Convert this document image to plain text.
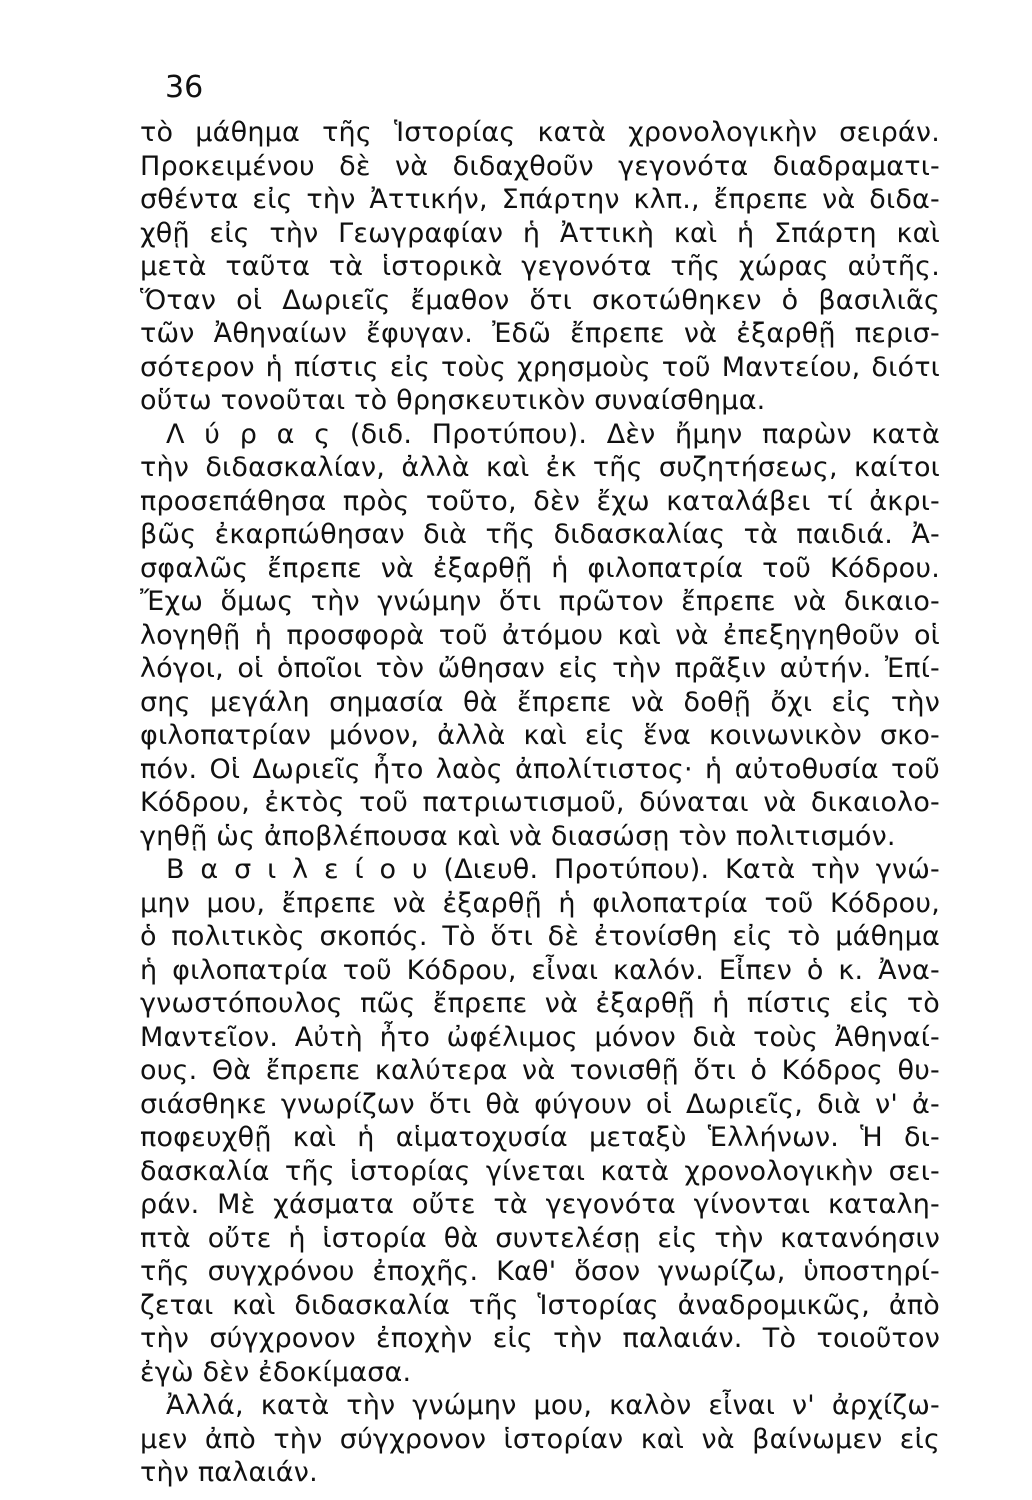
36
τὸ μάθημα τῆς Ἱστορίας κατὰ χρονολογικὴν σειράν.
Προκειμένου δὲ νὰ διδαχθοῦν γεγονότα διαδραματι-
σθέντα εἰς τὴν Ἀττικήν, Σπάρτην κλπ., ἔπρεπε νὰ διδα-
χθῇ εἰς τὴν Γεωγραφίαν ἡ Ἀττικὴ καὶ ἡ Σπάρτη καὶ
μετὰ ταῦτα τὰ ἱστορικὰ γεγονότα τῆς χώρας αὐτῆς.
Ὅταν οἱ Δωριεῖς ἔμαθον ὅτι σκοτώθηκεν ὁ βασιλιᾶς
τῶν Ἀθηναίων ἔφυγαν. Ἐδῶ ἔπρεπε νὰ ἐξαρθῇ περισ-
σότερον ἡ πίστις εἰς τοὺς χρησμοὺς τοῦ Μαντείου, διότι
οὕτω τονοῦται τὸ θρησκευτικὸν συναίσθημα.
Λ ύ ρ α ς (διδ. Προτύπου). Δὲν ἤμην παρὼν κατὰ
τὴν διδασκαλίαν, ἀλλὰ καὶ ἐκ τῆς συζητήσεως, καίτοι
προσεπάθησα πρὸς τοῦτο, δὲν ἔχω καταλάβει τί ἀκρι-
βῶς ἐκαρπώθησαν διὰ τῆς διδασκαλίας τὰ παιδιά. Ἀ-
σφαλῶς ἔπρεπε νὰ ἐξαρθῇ ἡ φιλοπατρία τοῦ Κόδρου.
Ἔχω ὅμως τὴν γνώμην ὅτι πρῶτον ἔπρεπε νὰ δικαιο-
λογηθῇ ἡ προσφορὰ τοῦ ἀτόμου καὶ νὰ ἐπεξηγηθοῦν οἱ
λόγοι, οἱ ὁποῖοι τὸν ὤθησαν εἰς τὴν πρᾶξιν αὐτήν. Ἐπί-
σης μεγάλη σημασία θὰ ἔπρεπε νὰ δοθῇ ὄχι εἰς τὴν
φιλοπατρίαν μόνον, ἀλλὰ καὶ εἰς ἕνα κοινωνικὸν σκο-
πόν. Οἱ Δωριεῖς ἦτο λαὸς ἀπολίτιστος· ἡ αὐτοθυσία τοῦ
Κόδρου, ἐκτὸς τοῦ πατριωτισμοῦ, δύναται νὰ δικαιολο-
γηθῇ ὡς ἀποβλέπουσα καὶ νὰ διασώσῃ τὸν πολιτισμόν.
Β α σ ι λ ε ί ο υ (Διευθ. Προτύπου). Κατὰ τὴν γνώ-
μην μου, ἔπρεπε νὰ ἐξαρθῇ ἡ φιλοπατρία τοῦ Κόδρου,
ὁ πολιτικὸς σκοπός. Τὸ ὅτι δὲ ἐτονίσθη εἰς τὸ μάθημα
ἡ φιλοπατρία τοῦ Κόδρου, εἶναι καλόν. Εἶπεν ὁ κ. Ἀνα-
γνωστόπουλος πῶς ἔπρεπε νὰ ἐξαρθῇ ἡ πίστις εἰς τὸ
Μαντεῖον. Αὐτὴ ἦτο ὠφέλιμος μόνον διὰ τοὺς Ἀθηναί-
ους. Θὰ ἔπρεπε καλύτερα νὰ τονισθῇ ὅτι ὁ Κόδρος θυ-
σιάσθηκε γνωρίζων ὅτι θὰ φύγουν οἱ Δωριεῖς, διὰ ν' ἀ-
ποφευχθῇ καὶ ἡ αἱματοχυσία μεταξὺ Ἑλλήνων. Ἡ δι-
δασκαλία τῆς ἱστορίας γίνεται κατὰ χρονολογικὴν σει-
ράν. Μὲ χάσματα οὔτε τὰ γεγονότα γίνονται καταλη-
πτὰ οὔτε ἡ ἱστορία θὰ συντελέσῃ εἰς τὴν κατανόησιν
τῆς συγχρόνου ἐποχῆς. Καθ' ὅσον γνωρίζω, ὑποστηρί-
ζεται καὶ διδασκαλία τῆς Ἱστορίας ἀναδρομικῶς, ἀπὸ
τὴν σύγχρονον ἐποχὴν εἰς τὴν παλαιάν. Τὸ τοιοῦτον
ἐγὼ δὲν ἐδοκίμασα.
Ἀλλά, κατὰ τὴν γνώμην μου, καλὸν εἶναι ν' ἀρχίζω-
μεν ἀπὸ τὴν σύγχρονον ἱστορίαν καὶ νὰ βαίνωμεν εἰς
τὴν παλαιάν.
